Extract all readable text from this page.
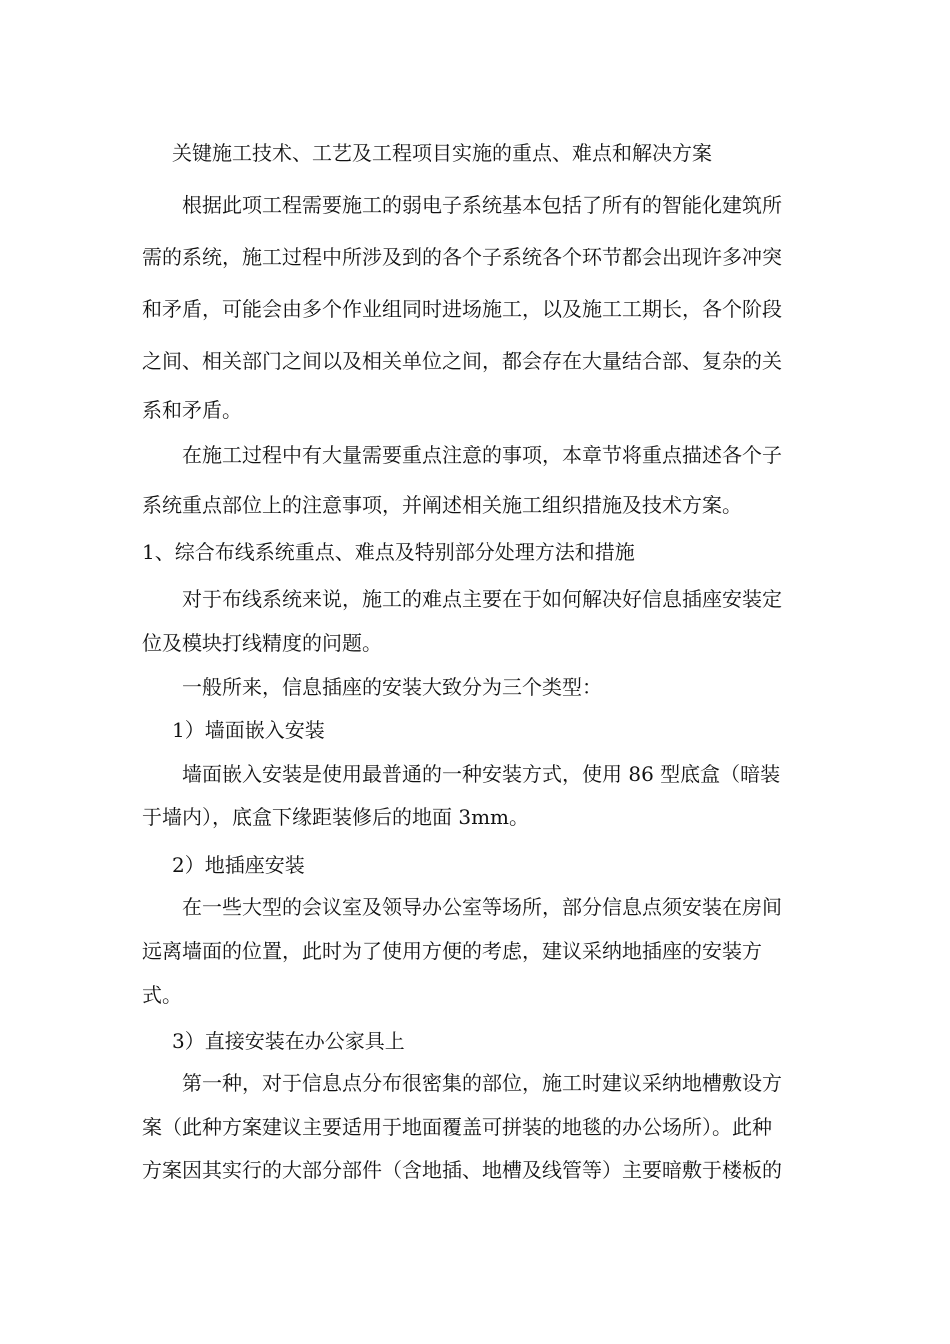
关键施工技术、工艺及工程项目实施的重点、难点和解决方案
根据此项工程需要施工的弱电子系统基本包括了所有的智能化建筑所
需的系统，施工过程中所涉及到的各个子系统各个环节都会出现许多冲突
和矛盾，可能会由多个作业组同时进场施工，以及施工工期长，各个阶段
之间、相关部门之间以及相关单位之间，都会存在大量结合部、复杂的关
系和矛盾。
在施工过程中有大量需要重点注意的事项，本章节将重点描述各个子
系统重点部位上的注意事项，并阐述相关施工组织措施及技术方案。
1、综合布线系统重点、难点及特别部分处理方法和措施
对于布线系统来说，施工的难点主要在于如何解决好信息插座安装定
位及模块打线精度的问题。
一般所来，信息插座的安装大致分为三个类型：
1）墙面嵌入安装
墙面嵌入安装是使用最普通的一种安装方式，使用 86 型底盒（暗装
于墙内），底盒下缘距装修后的地面 3mm。
2）地插座安装
在一些大型的会议室及领导办公室等场所，部分信息点须安装在房间
远离墙面的位置，此时为了使用方便的考虑，建议采纳地插座的安装方
式。
3）直接安装在办公家具上
第一种，对于信息点分布很密集的部位，施工时建议采纳地槽敷设方
案（此种方案建议主要适用于地面覆盖可拼装的地毯的办公场所）。此种
方案因其实行的大部分部件（含地插、地槽及线管等）主要暗敷于楼板的
